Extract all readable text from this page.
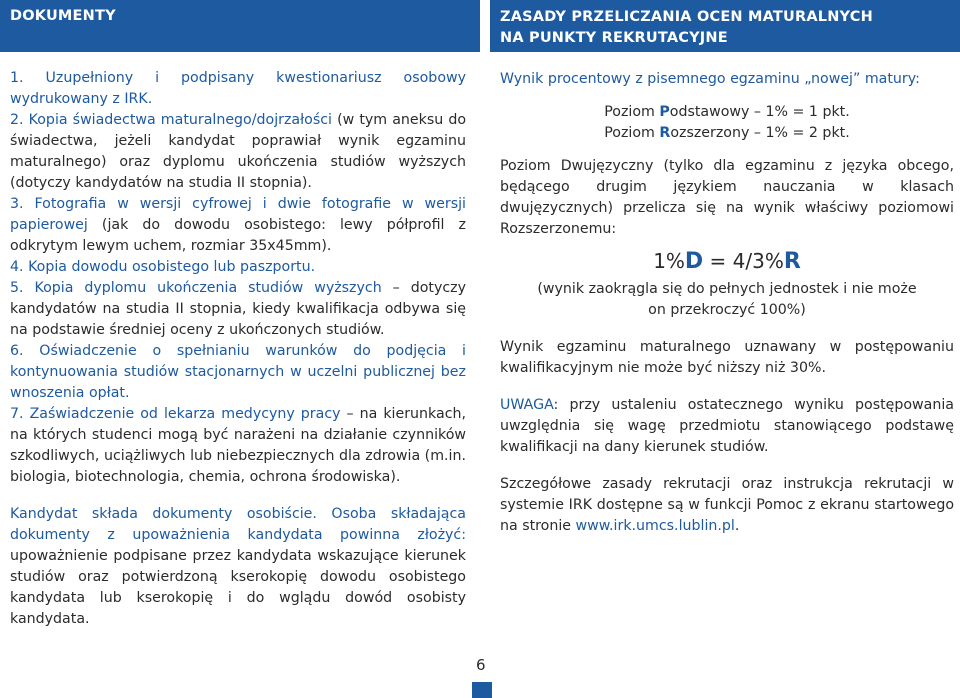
DOKUMENTY

1. Uzupełniony i podpisany kwestionariusz osobowy wydrukowany z IRK.

2. Kopia świadectwa maturalnego/dojrzałości (w tym aneksu do świadectwa, jeżeli kandydat poprawiał wynik egzaminu maturalnego) oraz dyplomu ukończenia studiów wyższych (dotyczy kandydatów na studia II stopnia).

3. Fotografia w wersji cyfrowej i dwie fotografie w wersji papierowej (jak do dowodu osobistego: lewy półprofil z odkrytym lewym uchem, rozmiar 35x45mm).

4. Kopia dowodu osobistego lub paszportu.

5. Kopia dyplomu ukończenia studiów wyższych – dotyczy kandydatów na studia II stopnia, kiedy kwalifikacja odbywa się na podstawie średniej oceny z ukończonych studiów.

6. Oświadczenie o spełnianiu warunków do podjęcia i kontynuowania studiów stacjonarnych w uczelni publicznej bez wnoszenia opłat.

7. Zaświadczenie od lekarza medycyny pracy – na kierunkach, na których studenci mogą być narażeni na działanie czynników szkodliwych, uciążliwych lub niebezpiecznych dla zdrowia (m.in. biologia, biotechnologia, chemia, ochrona środowiska).

Kandydat składa dokumenty osobiście. Osoba składająca dokumenty z upoważnienia kandydata powinna złożyć: upoważnienie podpisane przez kandydata wskazujące kierunek studiów oraz potwierdzoną kserokopię dowodu osobistego kandydata lub kserokopię i do wglądu dowód osobisty kandydata.

ZASADY PRZELICZANIA OCEN MATURALNYCH
NA PUNKTY REKRUTACYJNE

Wynik procentowy z pisemnego egzaminu „nowej” matury:

Poziom Podstawowy – 1% = 1 pkt.

Poziom Rozszerzony – 1% = 2 pkt.

Poziom Dwujęzyczny (tylko dla egzaminu z języka obcego, będącego drugim językiem nauczania w klasach dwujęzycznych) przelicza się na wynik właściwy poziomowi Rozszerzonemu:

1%D = 4/3%R

(wynik zaokrągla się do pełnych jednostek i nie może

on przekroczyć 100%)

Wynik egzaminu maturalnego uznawany w postępowaniu kwalifikacyjnym nie może być niższy niż 30%.

UWAGA: przy ustaleniu ostatecznego wyniku postępowania uwzględnia się wagę przedmiotu stanowiącego podstawę kwalifikacji na dany kierunek studiów.

Szczegółowe zasady rekrutacji oraz instrukcja rekrutacji w systemie IRK dostępne są w funkcji Pomoc z ekranu startowego na stronie www.irk.umcs.lublin.pl.

6
